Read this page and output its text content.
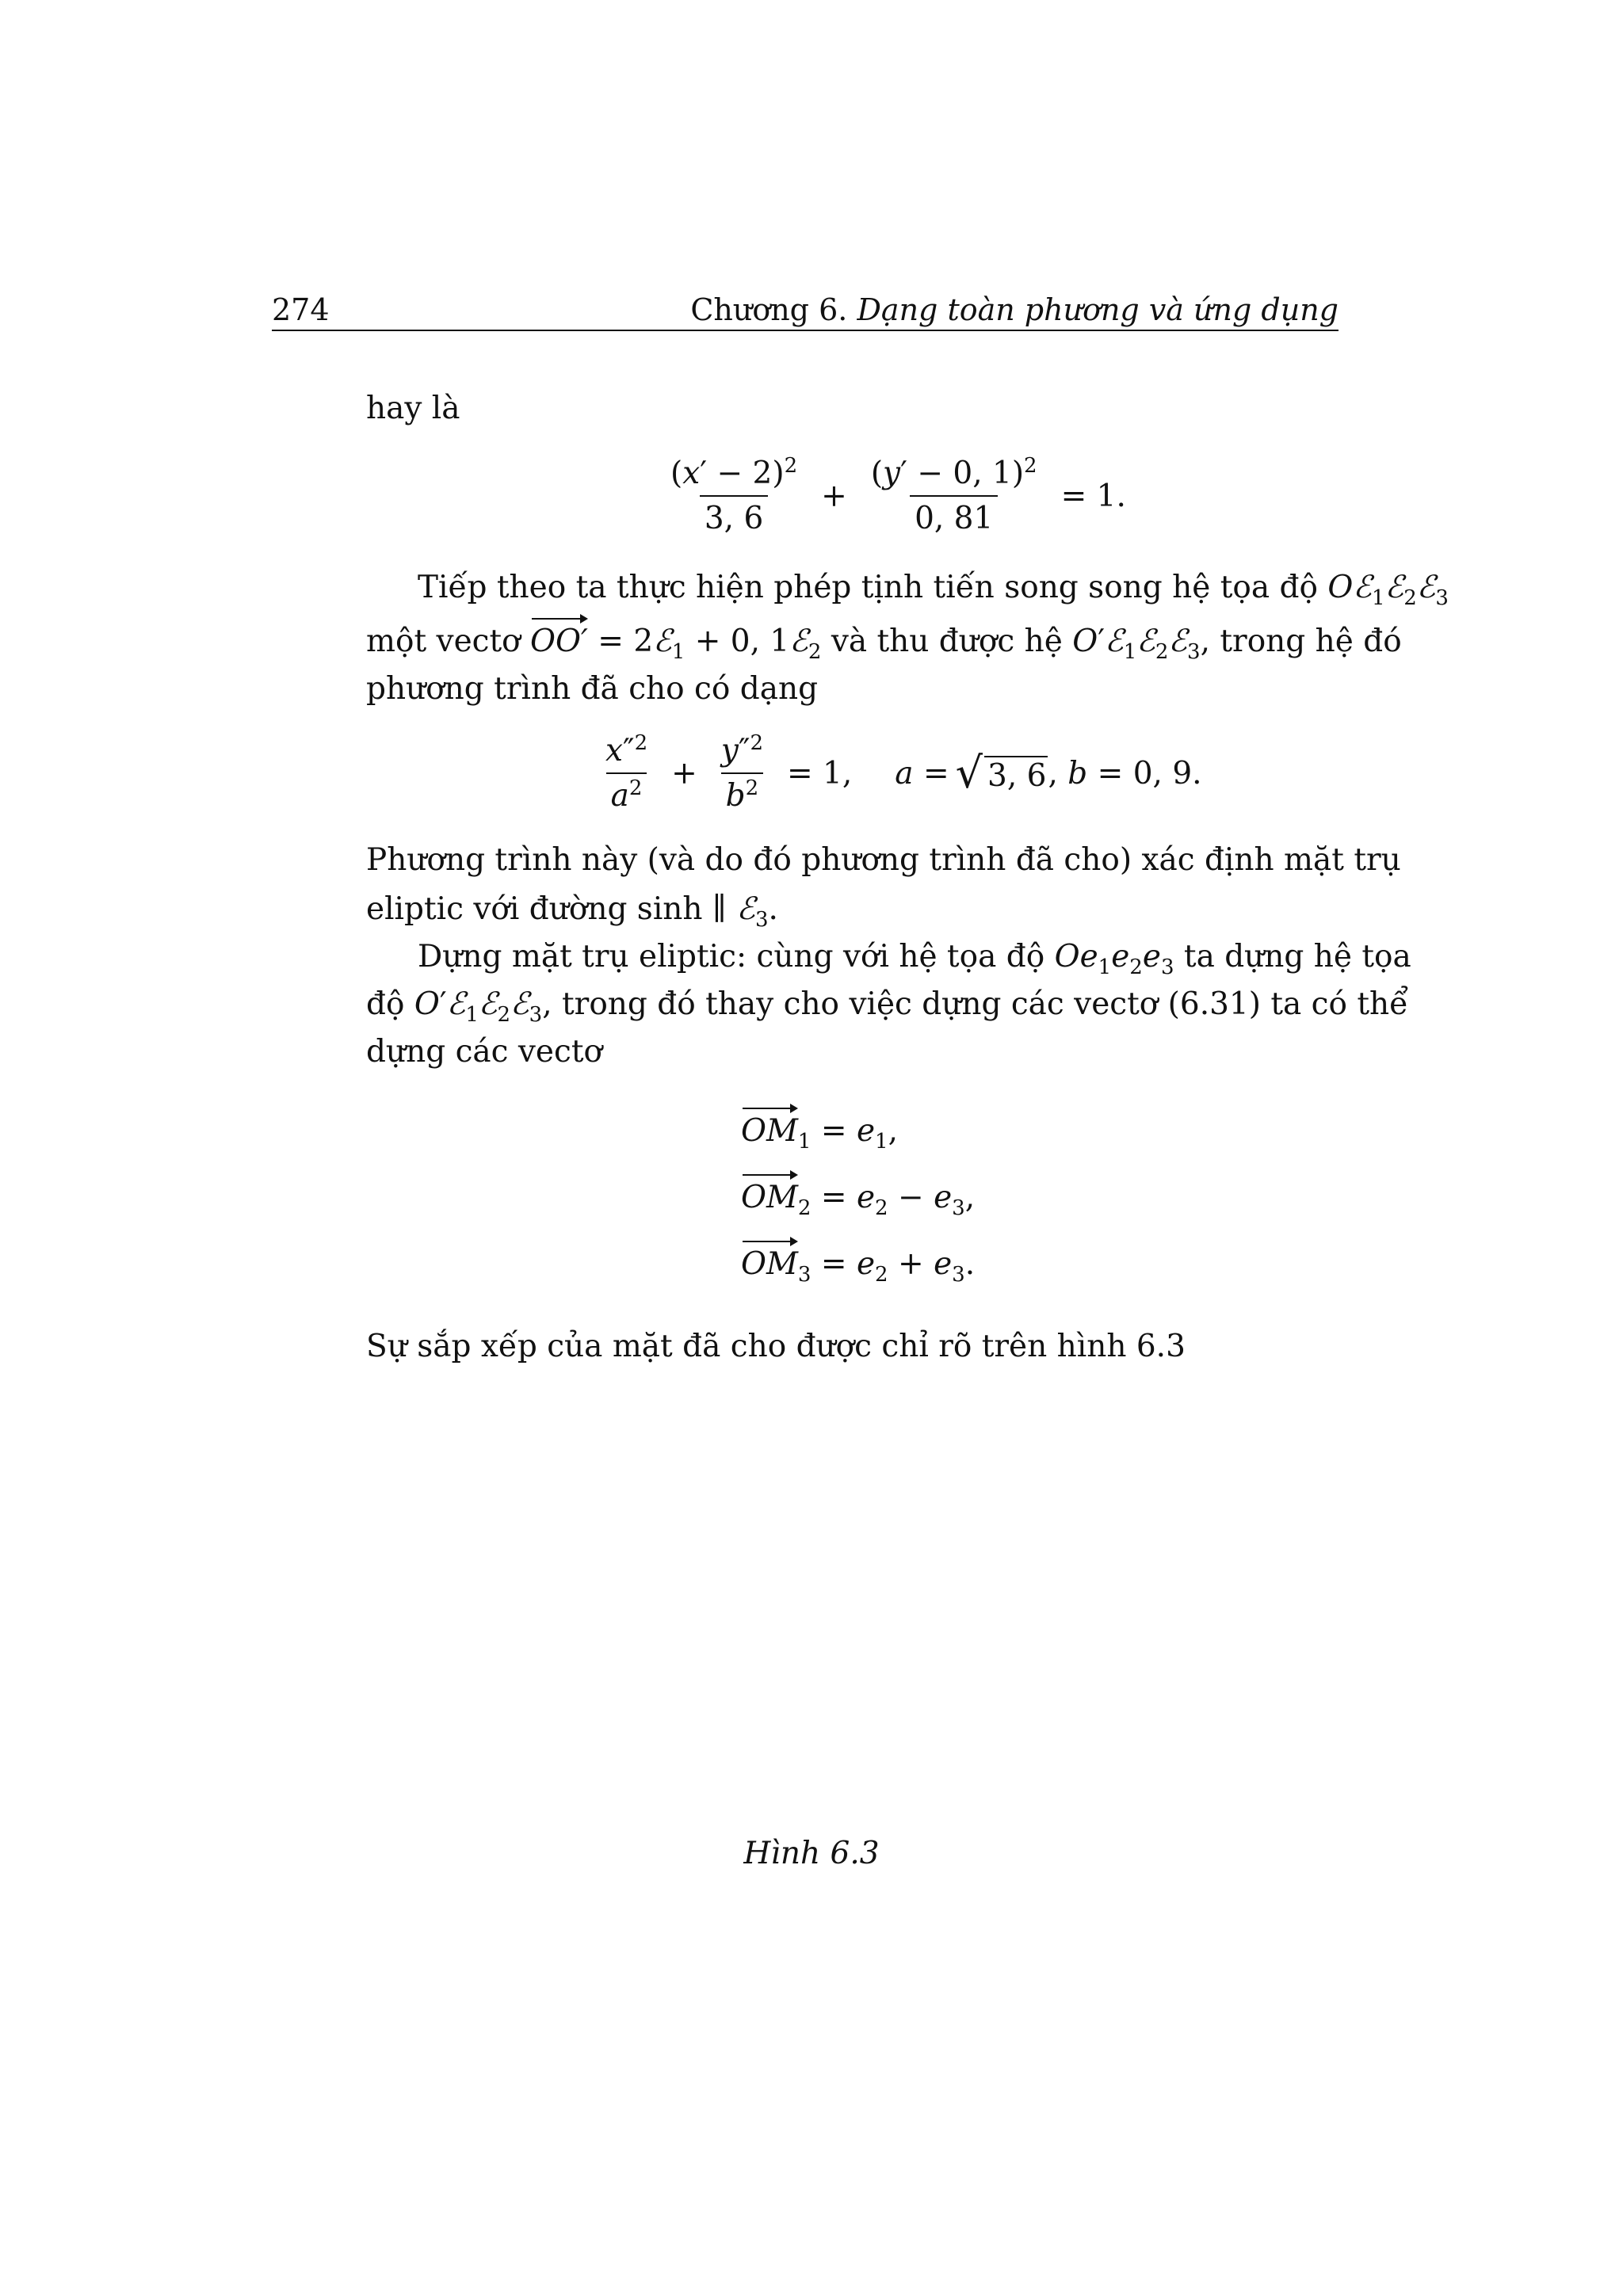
274	Chương 6. Dạng toàn phương và ứng dụng
hay là
$\frac{(x' - 2)^2}{3, 6} + \frac{(y' - 0, 1)^2}{0, 81} = 1$.
Tiếp theo ta thực hiện phép tịnh tiến song song hệ tọa độ Oℰ$_1$ℰ$_2$ℰ$_3$
một vectơ OO′ = 2ℰ$_1$ + 0, 1ℰ$_2$ và thu được hệ O′ℰ$_1$ℰ$_2$ℰ$_3$, trong hệ đó
phương trình đã cho có dạng
$\frac{x''^2}{a^2} + \frac{y''^2}{b^2} = 1$, a = √ 3, 6 , b = 0, 9.
Phương trình này (và do đó phương trình đã cho) xác định mặt trụ
eliptic với đường sinh ∥ ℰ$_3$.
Dựng mặt trụ eliptic: cùng với hệ tọa độ $Oe_1e_2e_3$ ta dựng hệ tọa
độ O′ℰ$_1$ℰ$_2$ℰ$_3$, trong đó thay cho việc dựng các vectơ (6.31) ta có thể
dựng các vectơ
$OM_1 = e_1$,
$OM_2 = e_2 - e_3$,
$OM_3 = e_2 + e_3$.
Sự sắp xếp của mặt đã cho được chỉ rõ trên hình 6.3
Hình 6.3
